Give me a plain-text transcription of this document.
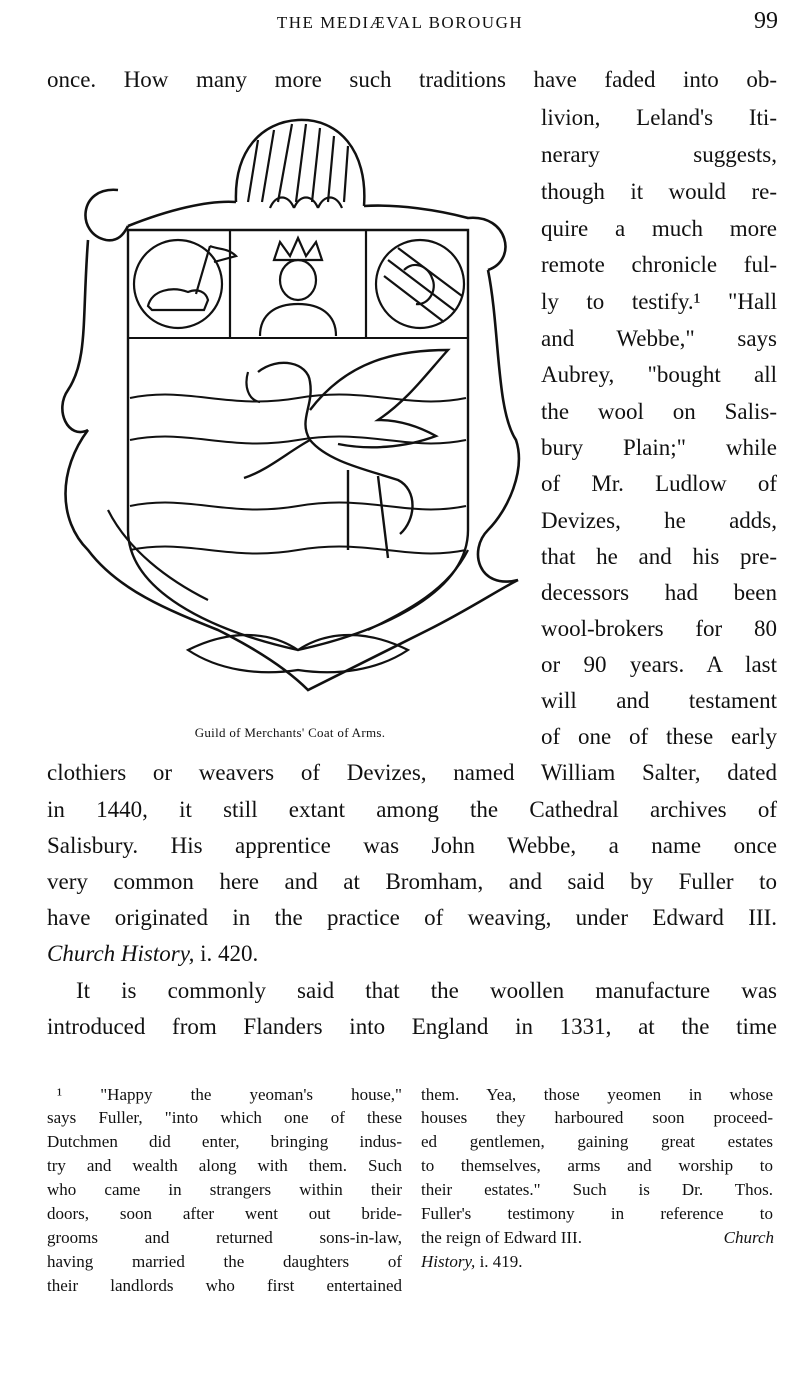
THE MEDIÆVAL BOROUGH	99
once. How many more such traditions have faded into ob-
livion, Leland's Iti-
nerary suggests,
though it would re-
quire a much more
remote chronicle ful-
ly to testify.¹ "Hall
and Webbe," says
Aubrey, "bought all
the wool on Salis-
bury Plain;" while
of Mr. Ludlow of
Devizes, he adds,
that he and his pre-
decessors had been
wool-brokers for 80
or 90 years. A last
will and testament
of one of these early
Guild of Merchants' Coat of Arms.
clothiers or weavers of Devizes, named William Salter, dated
in 1440, it still extant among the Cathedral archives of
Salisbury. His apprentice was John Webbe, a name once
very common here and at Bromham, and said by Fuller to
have originated in the practice of weaving, under Edward III.
Church History, i. 420.
It is commonly said that the woollen manufacture was
introduced from Flanders into England in 1331, at the time
¹ "Happy the yeoman's house,"
says Fuller, "into which one of these
Dutchmen did enter, bringing indus-
try and wealth along with them. Such
who came in strangers within their
doors, soon after went out bride-
grooms and returned sons-in-law,
having married the daughters of
their landlords who first entertained
them. Yea, those yeomen in whose
houses they harboured soon proceed-
ed gentlemen, gaining great estates
to themselves, arms and worship to
their estates." Such is Dr. Thos.
Fuller's testimony in reference to
the reign of Edward III.	Church
History, i. 419.
